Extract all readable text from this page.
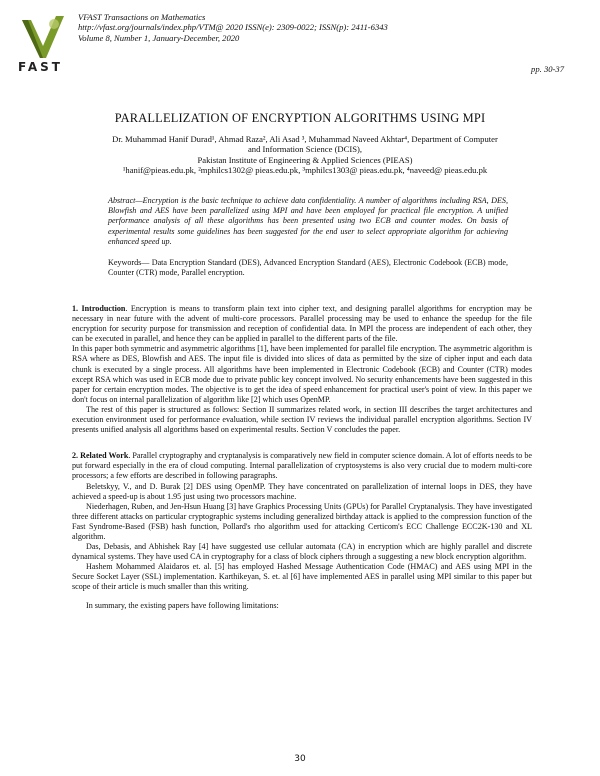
FAST
VFAST Transactions on Mathematics
http://vfast.org/journals/index.php/VTM@ 2020 ISSN(e): 2309-0022; ISSN(p): 2411-6343
Volume 8, Number 1, January-December, 2020
pp. 30-37
PARALLELIZATION OF ENCRYPTION ALGORITHMS USING MPI
Dr. Muhammad Hanif Durad¹, Ahmad Raza², Ali Asad ³, Muhammad Naveed Akhtar⁴, Department of Computer
and Information Science (DCIS),
Pakistan Institute of Engineering & Applied Sciences (PIEAS)
¹hanif@pieas.edu.pk, ²mphilcs1302@ pieas.edu.pk, ³mphilcs1303@ pieas.edu.pk, ⁴naveed@ pieas.edu.pk
Abstract—Encryption is the basic technique to achieve data confidentiality. A number of algorithms including RSA, DES, Blowfish and AES have been parallelized using MPI and have been employed for practical file encryption. A unified performance analysis of all these algorithms has been presented using two ECB and counter modes. On basis of experimental results some guidelines has been suggested for the end user to select appropriate algorithm for achieving enhanced speed up.
Keywords— Data Encryption Standard (DES), Advanced Encryption Standard (AES), Electronic Codebook (ECB) mode, Counter (CTR) mode, Parallel encryption.

1. Introduction. Encryption is means to transform plain text into cipher text, and designing parallel algorithms for encryption may be necessary in near future with the advent of multi-core processors. Parallel processing may be used to enhance the speedup for the file encryption for security purpose for transmission and reception of confidential data. In MPI the process are independent of each other, they can be executed in parallel, and hence they can be applied in parallel to the different parts of the file.

In this paper both symmetric and asymmetric algorithms [1], have been implemented for parallel file encryption. The asymmetric algorithm is RSA where as DES, Blowfish and AES. The input file is divided into slices of data as permitted by the size of cipher input and each data chunk is executed by a single process. All algorithms have been implemented in Electronic Codebook (ECB) and Counter (CTR) modes except RSA which was used in ECB mode due to private public key concept involved. No security enhancements have been suggested in this paper for certain encryption modes. The objective is to get the idea of speed enhancement for practical user's point of view. In this paper we don't focus on internal parallelization of algorithm like [2] which uses OpenMP.

The rest of this paper is structured as follows: Section II summarizes related work, in section III describes the target architectures and execution environment used for performance evaluation, while section IV reviews the individual parallel encryption algorithms. Section IV presents unified analysis all algorithms based on experimental results. Section V concludes the paper.

2. Related Work. Parallel cryptography and cryptanalysis is comparatively new field in computer science domain. A lot of efforts needs to be put forward especially in the era of cloud computing. Internal parallelization of cryptosystems is also very crucial due to modern multi-core processors; a few efforts are described in following paragraphs.

Beletskyy, V., and D. Burak [2] DES using OpenMP. They have concentrated on parallelization of internal loops in DES, they have achieved a speed-up is about 1.95 just using two processors machine.

Niederhagen, Ruben, and Jen-Hsun Huang [3] have Graphics Processing Units (GPUs) for Parallel Cryptanalysis. They have investigated three different attacks on particular cryptographic systems including generalized birthday attack is applied to the compression function of the Fast Syndrome-Based (FSB) hash function, Pollard's rho algorithm used for attacking Certicom's ECC Challenge ECC2K-130 and XL algorithm.

Das, Debasis, and Abhishek Ray [4] have suggested use cellular automata (CA) in encryption which are highly parallel and discrete dynamical systems. They have used CA in cryptography for a class of block ciphers through a suggesting a new block encryption algorithm.

Hashem Mohammed Alaidaros et. al. [5] has employed Hashed Message Authentication Code (HMAC) and AES using MPI in the Secure Socket Layer (SSL) implementation. Karthikeyan, S. et. al [6] have implemented AES in parallel using MPI similar to this paper but scope of their article is much smaller than this writing.

In summary, the existing papers have following limitations:

30
